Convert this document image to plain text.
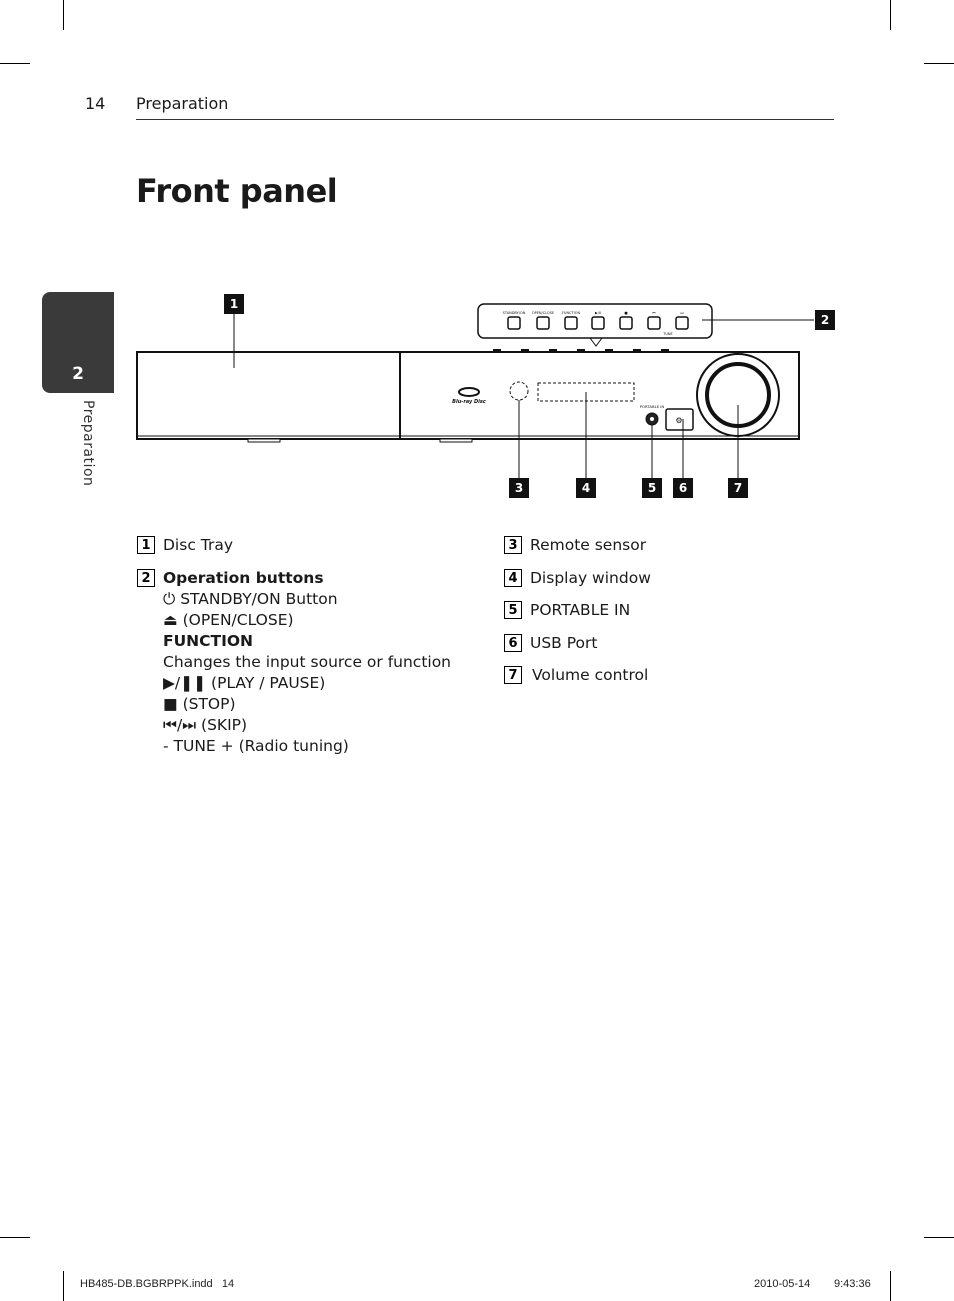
14 Preparation
Front panel
2
Preparation
STANDBY/ON OPEN/CLOSE FUNCTION	▶/II	■	⏮	⏭
TUNE
Blu-ray Disc
PORTABLE IN
⚙
1
2
3	4	5 6	7
1 Disc Tray
2 Operation buttons
⏻ STANDBY/ON Button
⏏ (OPEN/CLOSE)
FUNCTION
Changes the input source or function
▶/❚❚ (PLAY / PAUSE)
■ (STOP)
⏮/⏭ (SKIP)
- TUNE + (Radio tuning)
3 Remote sensor
4 Display window
5 PORTABLE IN
6 USB Port
7 Volume control
HB485-DB.BGBRPPK.indd   14	2010-05-14 9:43:36
